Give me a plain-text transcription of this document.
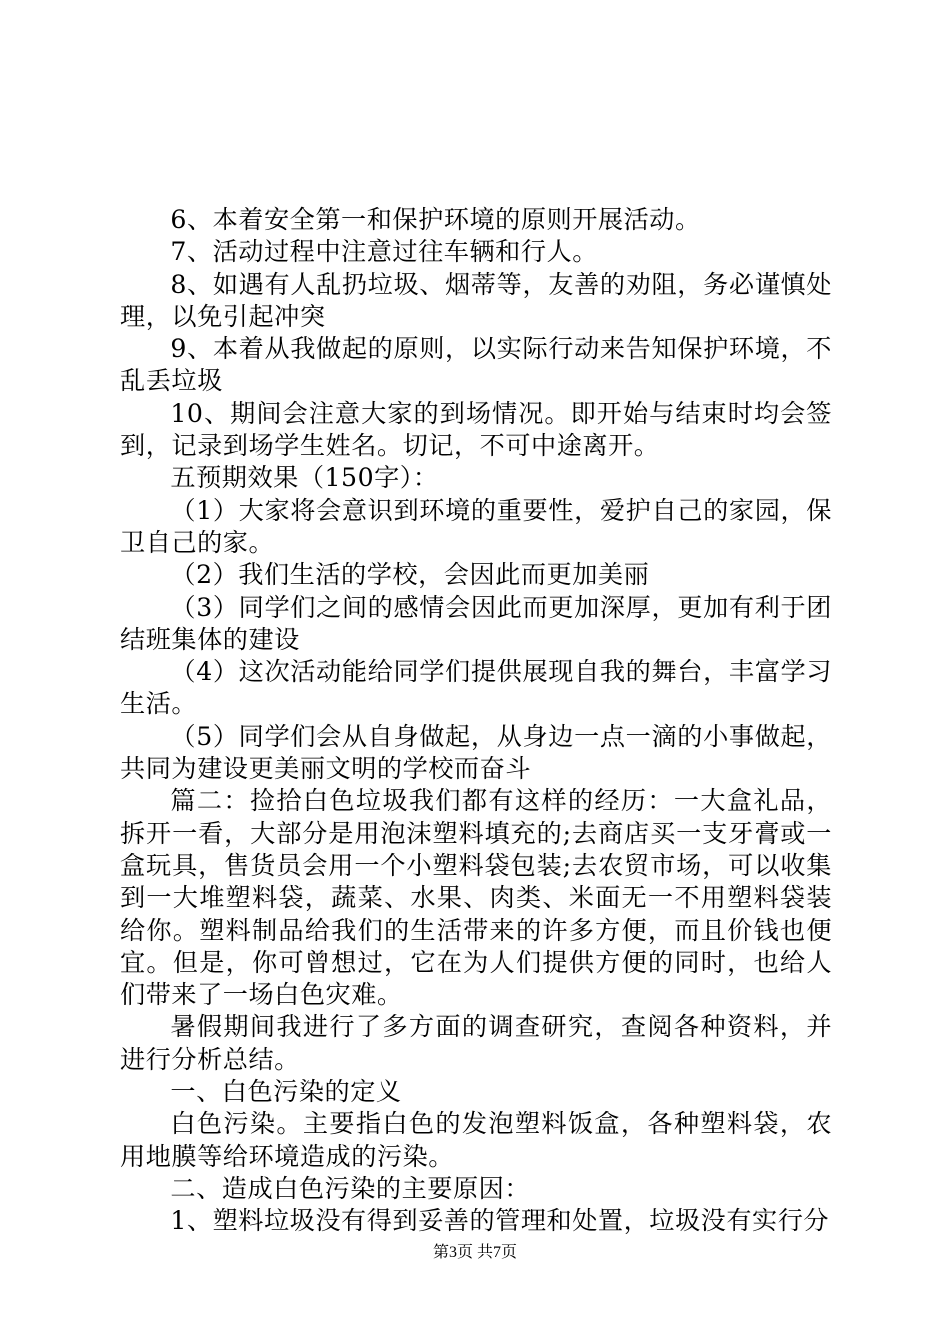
6、本着安全第一和保护环境的原则开展活动。

7、活动过程中注意过往车辆和行人。

8、如遇有人乱扔垃圾、烟蒂等，友善的劝阻，务必谨慎处理，以免引起冲突

9、本着从我做起的原则，以实际行动来告知保护环境，不乱丢垃圾

10、期间会注意大家的到场情况。即开始与结束时均会签到，记录到场学生姓名。切记，不可中途离开。

五预期效果（150字）：

（1）大家将会意识到环境的重要性，爱护自己的家园，保卫自己的家。

（2）我们生活的学校，会因此而更加美丽

（3）同学们之间的感情会因此而更加深厚，更加有利于团结班集体的建设

（4）这次活动能给同学们提供展现自我的舞台，丰富学习生活。

（5）同学们会从自身做起，从身边一点一滴的小事做起，共同为建设更美丽文明的学校而奋斗

篇二：捡拾白色垃圾我们都有这样的经历：一大盒礼品，拆开一看，大部分是用泡沫塑料填充的;去商店买一支牙膏或一盒玩具，售货员会用一个小塑料袋包装;去农贸市场，可以收集到一大堆塑料袋，蔬菜、水果、肉类、米面无一不用塑料袋装给你。塑料制品给我们的生活带来的许多方便，而且价钱也便宜。但是，你可曾想过，它在为人们提供方便的同时，也给人们带来了一场白色灾难。

暑假期间我进行了多方面的调查研究，查阅各种资料，并进行分析总结。

一、白色污染的定义

白色污染。主要指白色的发泡塑料饭盒，各种塑料袋，农用地膜等给环境造成的污染。

二、造成白色污染的主要原因：

1、塑料垃圾没有得到妥善的管理和处置，垃圾没有实行分

第3页 共7页
